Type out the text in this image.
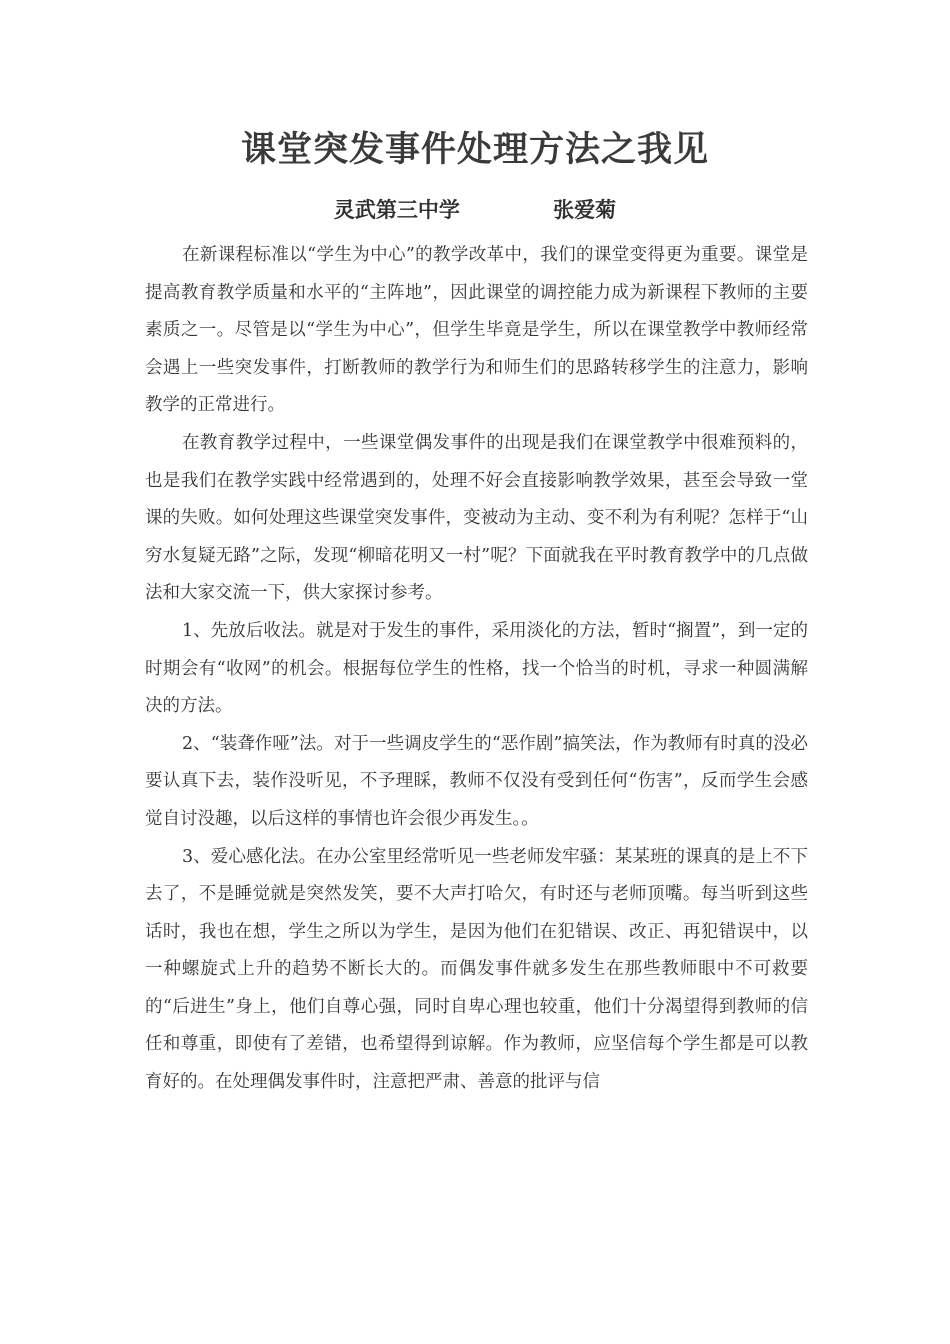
课堂突发事件处理方法之我见
灵武第三中学	张爱菊

在新课程标准以“学生为中心”的教学改革中，我们的课堂变得更为重要。课堂是提高教育教学质量和水平的“主阵地”，因此课堂的调控能力成为新课程下教师的主要素质之一。尽管是以“学生为中心”，但学生毕竟是学生，所以在课堂教学中教师经常会遇上一些突发事件，打断教师的教学行为和师生们的思路转移学生的注意力，影响教学的正常进行。

在教育教学过程中，一些课堂偶发事件的出现是我们在课堂教学中很难预料的，也是我们在教学实践中经常遇到的，处理不好会直接影响教学效果，甚至会导致一堂课的失败。如何处理这些课堂突发事件，变被动为主动、变不利为有利呢？怎样于“山穷水复疑无路”之际，发现“柳暗花明又一村”呢？下面就我在平时教育教学中的几点做法和大家交流一下，供大家探讨参考。

1、先放后收法。就是对于发生的事件，采用淡化的方法，暂时“搁置”，到一定的时期会有“收网”的机会。根据每位学生的性格，找一个恰当的时机，寻求一种圆满解决的方法。

2、“装聋作哑”法。对于一些调皮学生的“恶作剧”搞笑法，作为教师有时真的没必要认真下去，装作没听见，不予理睬，教师不仅没有受到任何“伤害”，反而学生会感觉自讨没趣，以后这样的事情也许会很少再发生。。

3、爱心感化法。在办公室里经常听见一些老师发牢骚：某某班的课真的是上不下去了，不是睡觉就是突然发笑，要不大声打哈欠，有时还与老师顶嘴。每当听到这些话时，我也在想，学生之所以为学生，是因为他们在犯错误、改正、再犯错误中，以一种螺旋式上升的趋势不断长大的。而偶发事件就多发生在那些教师眼中不可救要的“后进生”身上，他们自尊心强，同时自卑心理也较重，他们十分渴望得到教师的信任和尊重，即使有了差错，也希望得到谅解。作为教师，应坚信每个学生都是可以教育好的。在处理偶发事件时，注意把严肃、善意的批评与信
